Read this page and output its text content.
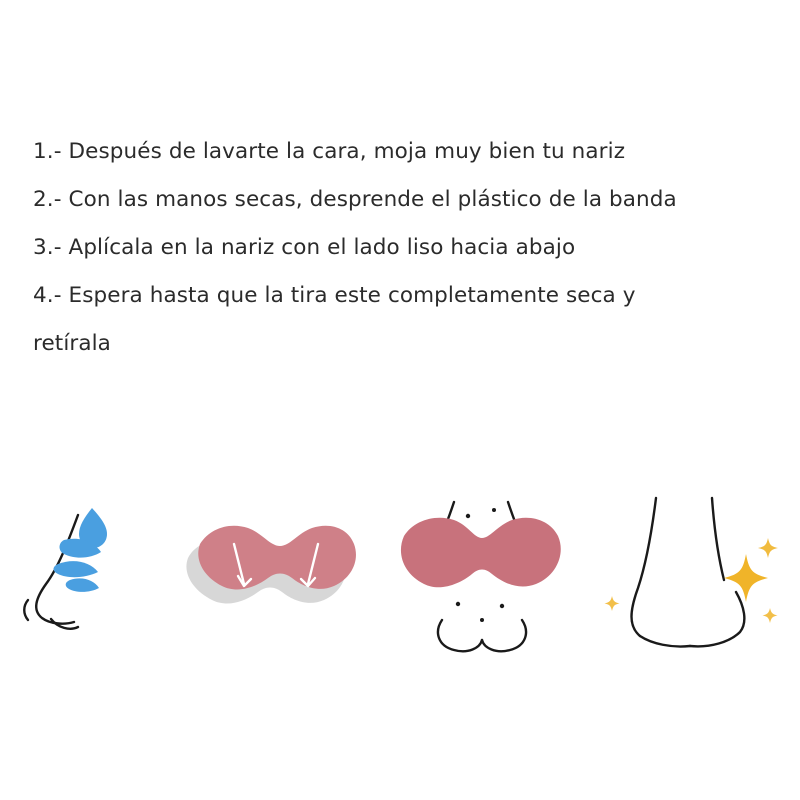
1.- Después de lavarte la cara, moja muy bien tu nariz
2.- Con las manos secas, desprende el plástico de la banda
3.- Aplícala en la nariz con el lado liso hacia abajo
4.- Espera hasta que la tira este completamente seca y
retírala
